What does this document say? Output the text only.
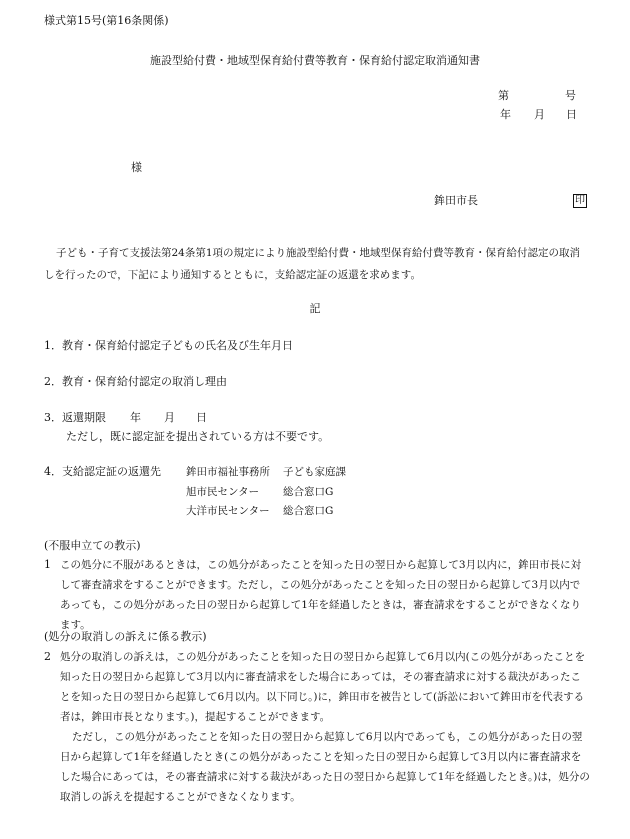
様式第15号(第16条関係)
施設型給付費・地域型保育給付費等教育・保育給付認定取消通知書
第	号
年 月 日
様
鉾田市長	印
子ども・子育て支援法第24条第1項の規定により施設型給付費・地域型保育給付費等教育・保育給付認定の取消しを行ったので，下記により通知するとともに，支給認定証の返還を求めます。
記
1．教育・保育給付認定子どもの氏名及び生年月日
2．教育・保育給付認定の取消し理由
3．返還期限 年 月 日
ただし，既に認定証を提出されている方は不要です。
4．支給認定証の返還先 鉾田市福祉事務所 子ども家庭課
旭市民センター 総合窓口G
大洋市民センター 総合窓口G
(不服申立ての教示)
1 この処分に不服があるときは，この処分があったことを知った日の翌日から起算して3月以内に，鉾田市長に対して審査請求をすることができます。ただし，この処分があったことを知った日の翌日から起算して3月以内であっても，この処分があった日の翌日から起算して1年を経過したときは，審査請求をすることができなくなります。
(処分の取消しの訴えに係る教示)
2 処分の取消しの訴えは，この処分があったことを知った日の翌日から起算して6月以内(この処分があったことを知った日の翌日から起算して3月以内に審査請求をした場合にあっては，その審査請求に対する裁決があったことを知った日の翌日から起算して6月以内。以下同じ。)に，鉾田市を被告として(訴訟において鉾田市を代表する者は，鉾田市長となります。)，提起することができます。
ただし，この処分があったことを知った日の翌日から起算して6月以内であっても，この処分があった日の翌日から起算して1年を経過したとき(この処分があったことを知った日の翌日から起算して3月以内に審査請求をした場合にあっては，その審査請求に対する裁決があった日の翌日から起算して1年を経過したとき。)は，処分の取消しの訴えを提起することができなくなります。
